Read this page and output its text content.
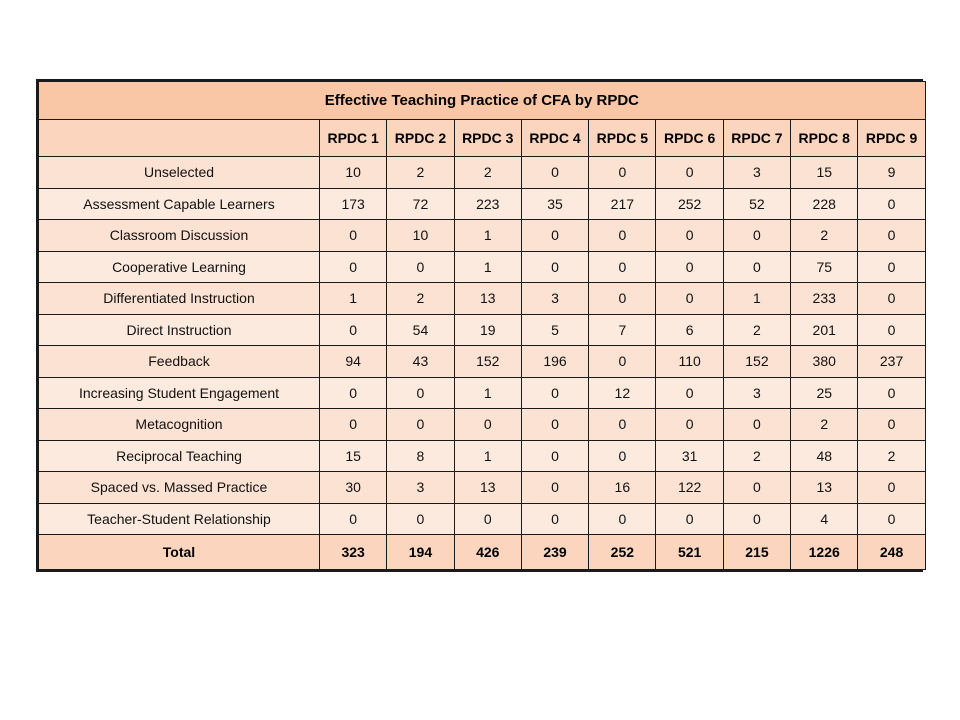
Effective Teaching Practice of CFA by RPDC									
	RPDC 1	RPDC 2	RPDC 3	RPDC 4	RPDC 5	RPDC 6	RPDC 7	RPDC 8	RPDC 9
Unselected	10	2	2	0	0	0	3	15	9
Assessment Capable Learners	173	72	223	35	217	252	52	228	0
Classroom Discussion	0	10	1	0	0	0	0	2	0
Cooperative Learning	0	0	1	0	0	0	0	75	0
Differentiated Instruction	1	2	13	3	0	0	1	233	0
Direct Instruction	0	54	19	5	7	6	2	201	0
Feedback	94	43	152	196	0	110	152	380	237
Increasing Student Engagement	0	0	1	0	12	0	3	25	0
Metacognition	0	0	0	0	0	0	0	2	0
Reciprocal Teaching	15	8	1	0	0	31	2	48	2
Spaced vs. Massed Practice	30	3	13	0	16	122	0	13	0
Teacher-Student Relationship	0	0	0	0	0	0	0	4	0
Total	323	194	426	239	252	521	215	1226	248
